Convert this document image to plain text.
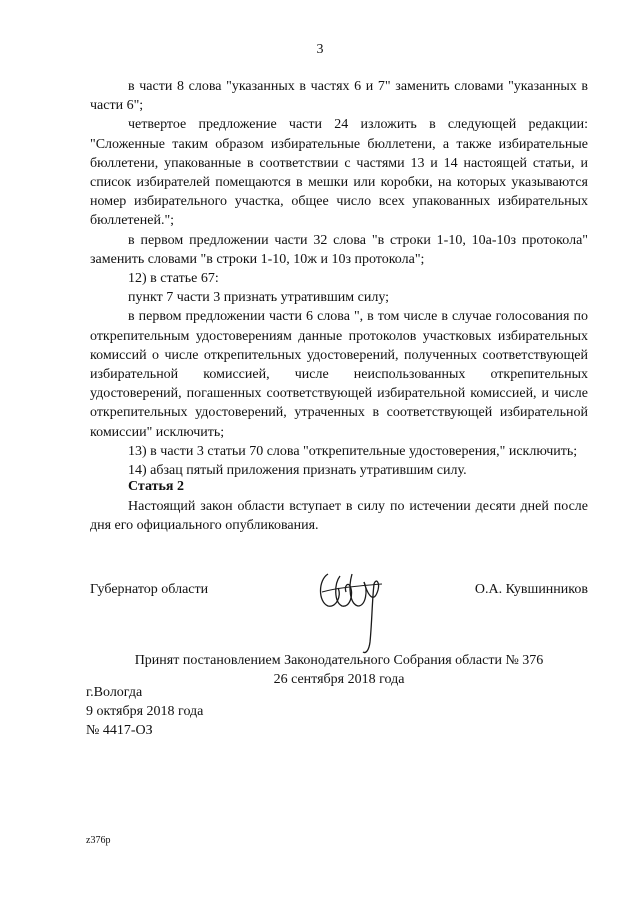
3

в части 8 слова "указанных в частях 6 и 7" заменить словами "указанных в части 6";

четвертое предложение части 24 изложить в следующей редакции: "Сложенные таким образом избирательные бюллетени, а также избирательные бюллетени, упакованные в соответствии с частями 13 и 14 настоящей статьи, и список избирателей помещаются в мешки или коробки, на которых указываются номер избирательного участка, общее число всех упакованных избирательных бюллетеней.";

в первом предложении части 32 слова "в строки 1-10, 10а-10з протокола" заменить словами "в строки 1-10, 10ж и 10з протокола";

12) в статье 67:

пункт 7 части 3 признать утратившим силу;

в первом предложении части 6 слова ", в том числе в случае голосования по открепительным удостоверениям данные протоколов участковых избирательных комиссий о числе открепительных удостоверений, полученных соответствующей избирательной комиссией, числе неиспользованных открепительных удостоверений, погашенных соответствующей избирательной комиссией, и числе открепительных удостоверений, утраченных в соответствующей избирательной комиссии" исключить;

13) в части 3 статьи 70 слова "открепительные удостоверения," исключить;

14) абзац пятый приложения признать утратившим силу.

Статья 2
Настоящий закон области вступает в силу по истечении десяти дней после дня его официального опубликования.
Губернатор области	О.А. Кувшинников
Принят постановлением Законодательного Собрания области № 376
26 сентября 2018 года
г.Вологда
9 октября 2018 года
№ 4417-ОЗ
z376p
